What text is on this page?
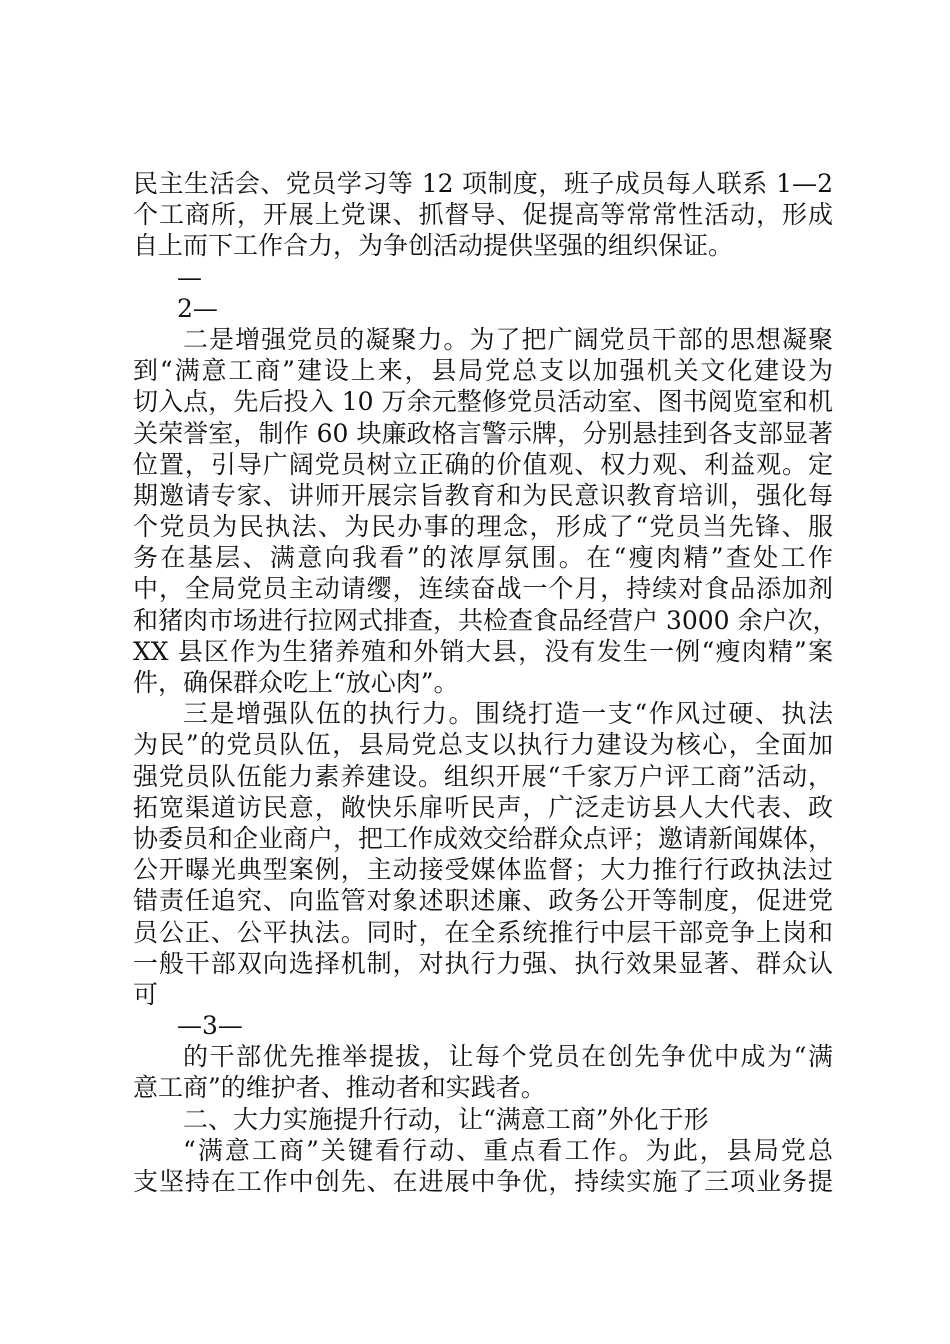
民主生活会、党员学习等 12 项制度，班子成员每人联系 1—2
个工商所，开展上党课、抓督导、促提高等常常性活动，形成
自上而下工作合力，为争创活动提供坚强的组织保证。
—
2—
二是增强党员的凝聚力。为了把广阔党员干部的思想凝聚
到“满意工商”建设上来，县局党总支以加强机关文化建设为
切入点，先后投入 10 万余元整修党员活动室、图书阅览室和机
关荣誉室，制作 60 块廉政格言警示牌，分别悬挂到各支部显著
位置，引导广阔党员树立正确的价值观、权力观、利益观。定
期邀请专家、讲师开展宗旨教育和为民意识教育培训，强化每
个党员为民执法、为民办事的理念，形成了“党员当先锋、服
务在基层、满意向我看”的浓厚氛围。在“瘦肉精”查处工作
中，全局党员主动请缨，连续奋战一个月，持续对食品添加剂
和猪肉市场进行拉网式排查，共检查食品经营户 3000 余户次，
XX 县区作为生猪养殖和外销大县，没有发生一例“瘦肉精”案
件，确保群众吃上“放心肉”。
三是增强队伍的执行力。围绕打造一支“作风过硬、执法
为民”的党员队伍，县局党总支以执行力建设为核心，全面加
强党员队伍能力素养建设。组织开展“千家万户评工商”活动，
拓宽渠道访民意，敞快乐扉听民声，广泛走访县人大代表、政
协委员和企业商户，把工作成效交给群众点评；邀请新闻媒体，
公开曝光典型案例，主动接受媒体监督；大力推行行政执法过
错责任追究、向监管对象述职述廉、政务公开等制度，促进党
员公正、公平执法。同时，在全系统推行中层干部竞争上岗和
一般干部双向选择机制，对执行力强、执行效果显著、群众认
可
—3—
的干部优先推举提拔，让每个党员在创先争优中成为“满
意工商”的维护者、推动者和实践者。
二、大力实施提升行动，让“满意工商”外化于形
“满意工商”关键看行动、重点看工作。为此，县局党总
支坚持在工作中创先、在进展中争优，持续实施了三项业务提
